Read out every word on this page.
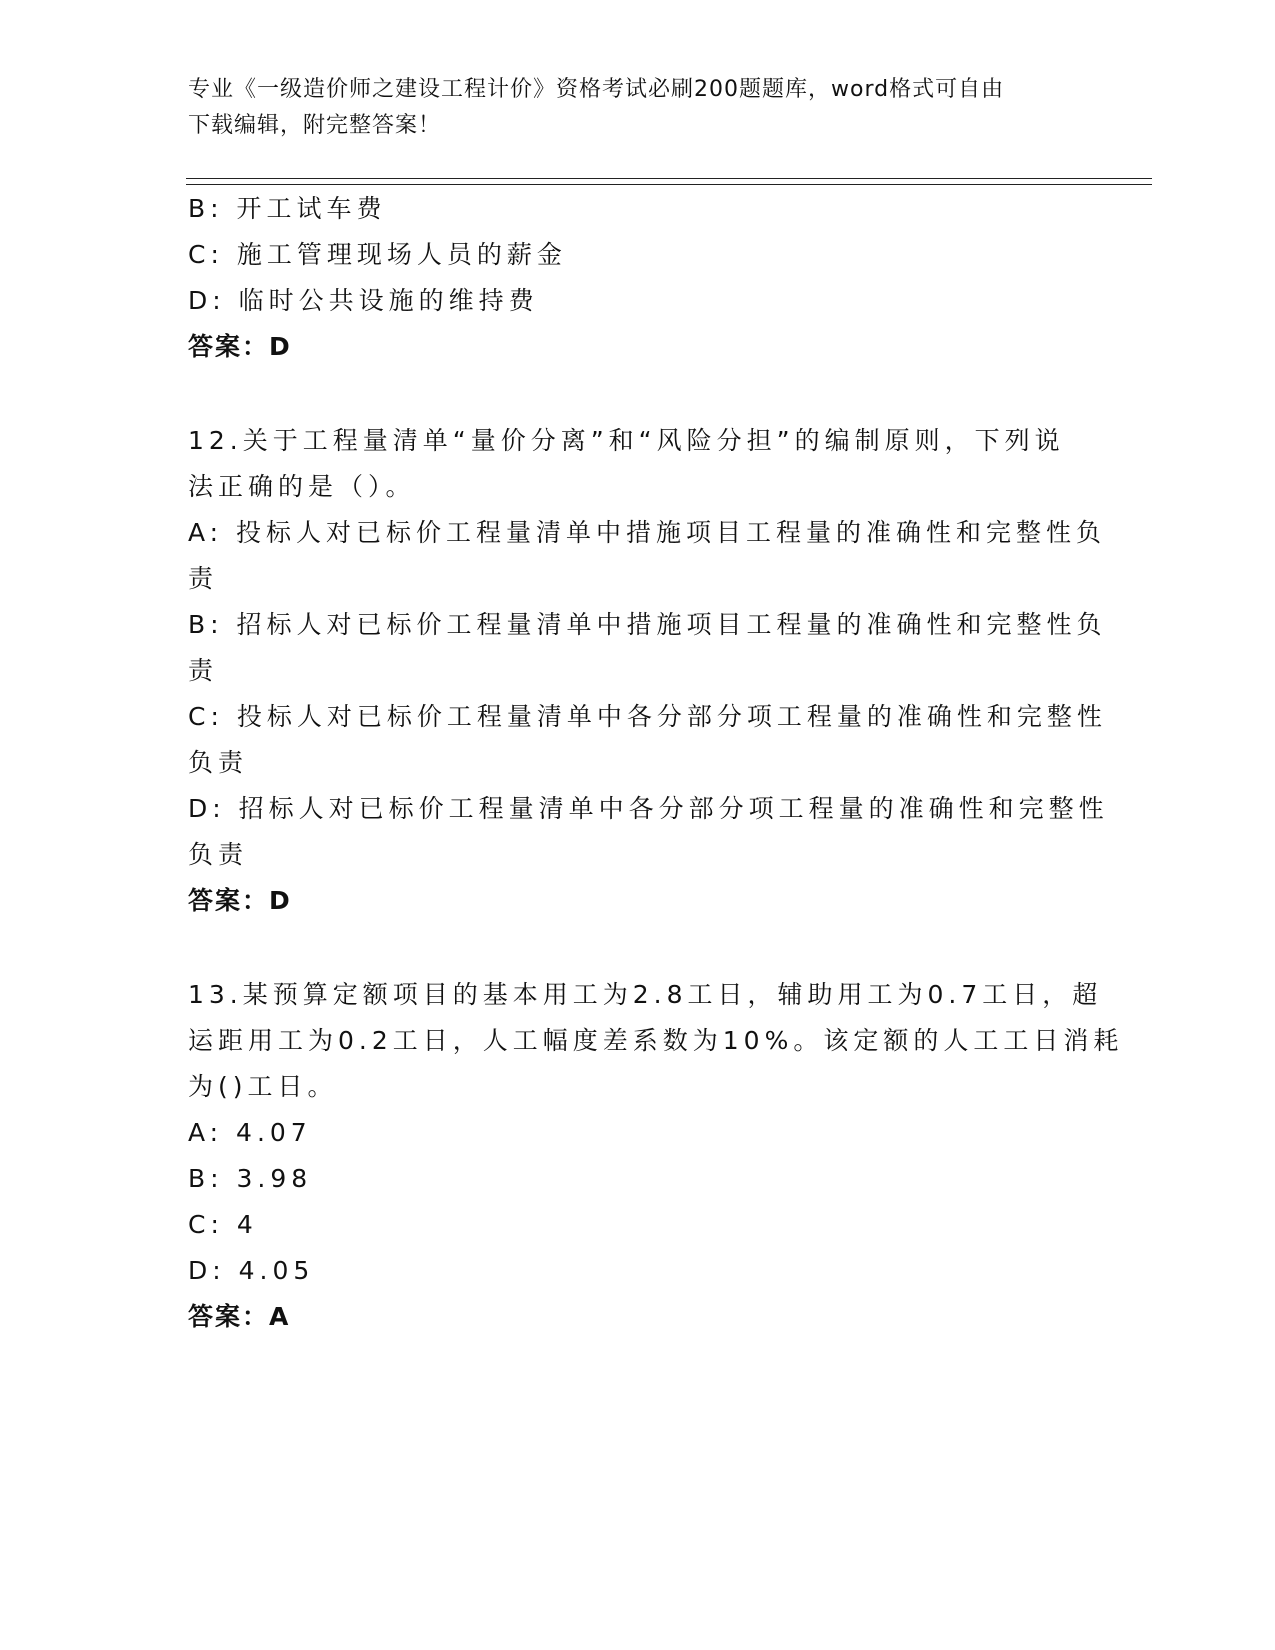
专业《一级造价师之建设工程计价》资格考试必刷200题题库，word格式可自由
下载编辑，附完整答案！
B: 开工试车费
C: 施工管理现场人员的薪金
D: 临时公共设施的维持费
答案：D
12.关于工程量清单“量价分离”和“风险分担”的编制原则，下列说
法正确的是（）。
A: 投标人对已标价工程量清单中措施项目工程量的准确性和完整性负
责
B: 招标人对已标价工程量清单中措施项目工程量的准确性和完整性负
责
C: 投标人对已标价工程量清单中各分部分项工程量的准确性和完整性
负责
D: 招标人对已标价工程量清单中各分部分项工程量的准确性和完整性
负责
答案：D
13.某预算定额项目的基本用工为2.8工日，辅助用工为0.7工日，超
运距用工为0.2工日，人工幅度差系数为10%。该定额的人工工日消耗
为()工日。
A: 4.07
B: 3.98
C: 4
D: 4.05
答案：A
